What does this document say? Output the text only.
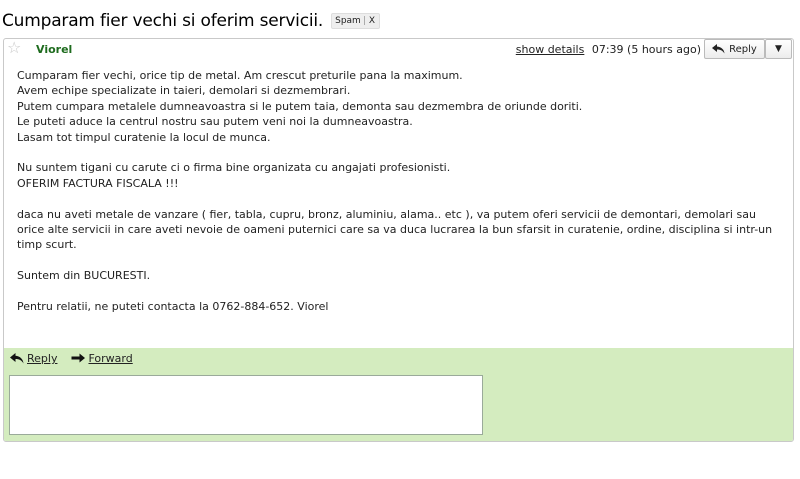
Cumparam fier vechi si oferim servicii. Spam | X
☆ Viorel	show details 07:39 (5 hours ago)	Reply ▼

Cumparam fier vechi, orice tip de metal. Am crescut preturile pana la maximum.
Avem echipe specializate in taieri, demolari si dezmembrari.
Putem cumpara metalele dumneavoastra si le putem taia, demonta sau dezmembra de oriunde doriti.
Le puteti aduce la centrul nostru sau putem veni noi la dumneavoastra.
Lasam tot timpul curatenie la locul de munca.

Nu suntem tigani cu carute ci o firma bine organizata cu angajati profesionisti.
OFERIM FACTURA FISCALA !!!

daca nu aveti metale de vanzare ( fier, tabla, cupru, bronz, aluminiu, alama.. etc ), va putem oferi servicii de demontari, demolari sau orice alte servicii in care aveti nevoie de oameni puternici care sa va duca lucrarea la bun sfarsit in curatenie, ordine, disciplina si intr-un timp scurt.

Suntem din BUCURESTI.

Pentru relatii, ne puteti contacta la 0762-884-652. Viorel

Reply	Forward
